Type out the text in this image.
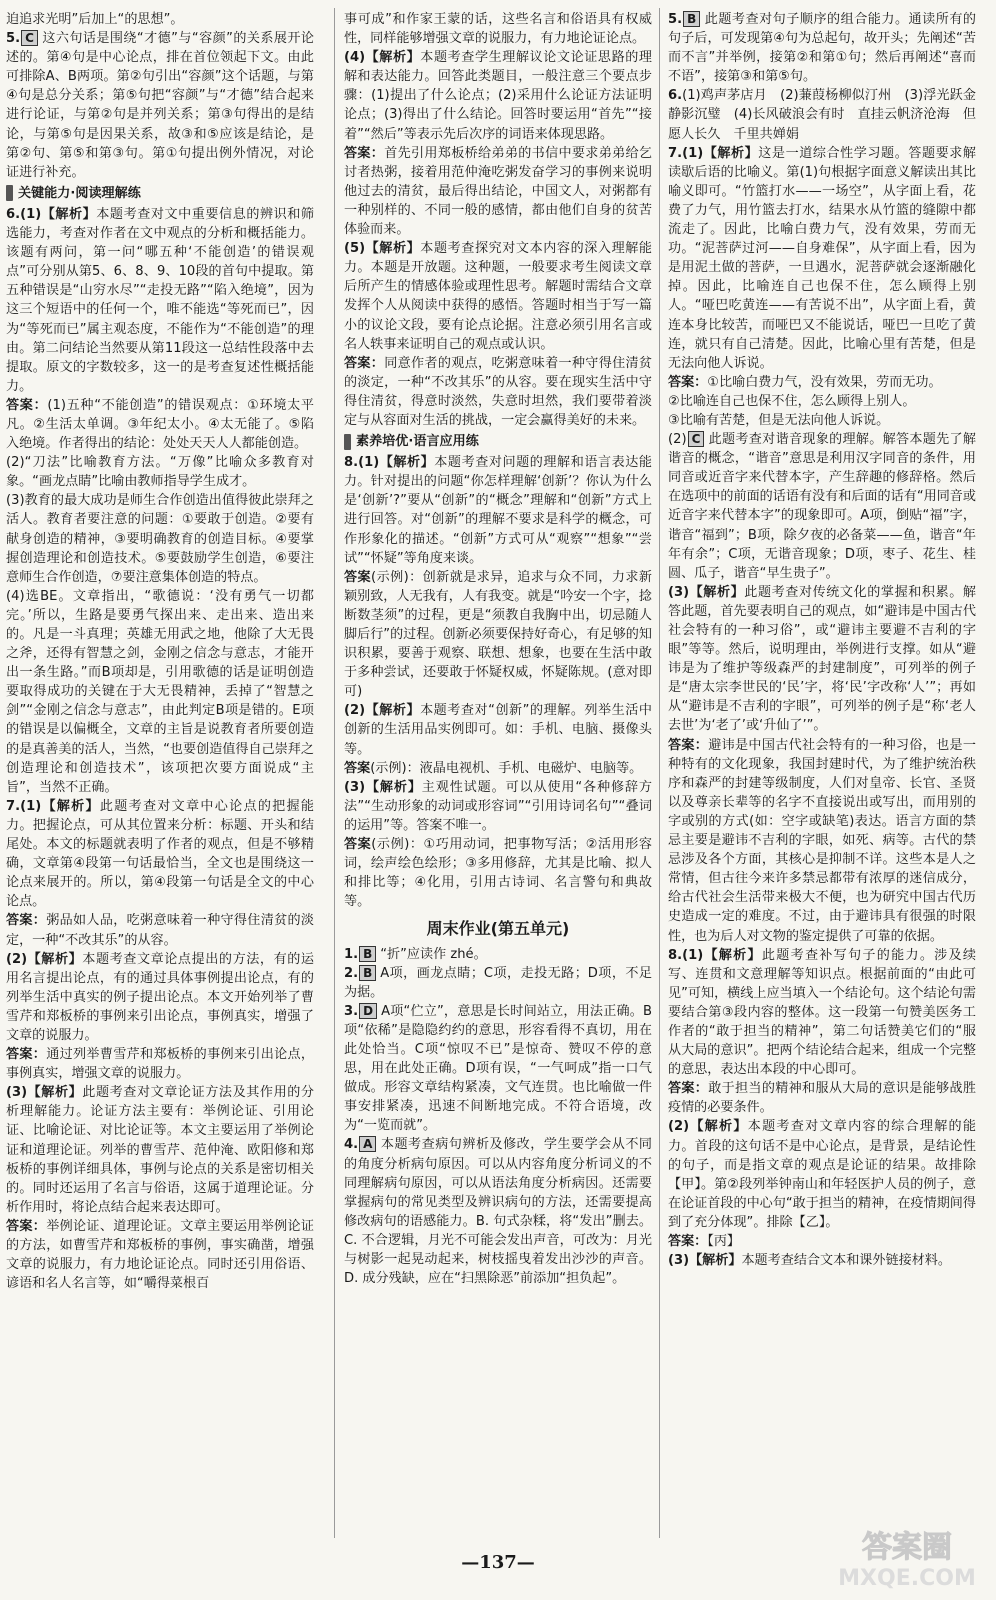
迫追求光明”后加上“的思想”。

5. C 这六句话是围绕“才德”与“容颜”的关系展开论述的。第④句是中心论点，排在首位领起下文。由此可排除A、B两项。第②句引出“容颜”这个话题，与第④句是总分关系；第⑤句把“容颜”与“才德”结合起来进行论证，与第②句是并列关系；第③句得出的是结论，与第⑤句是因果关系，故③和⑤应该是结论，是第②句、第⑤和第③句。第①句提出例外情况，对论证进行补充。

关键能力·阅读理解练

6.(1)【解析】本题考查对文中重要信息的辨识和筛选能力，考查对作者在文中观点的分析和概括能力。该题有两问，第一问“哪五种‘不能创造’的错误观点”可分别从第5、6、8、9、10段的首句中提取。第五种错误是“山穷水尽”“走投无路”“陷入绝境”，因为这三个短语中的任何一个，唯不能选“等死而已”，因为“等死而已”属主观态度，不能作为“不能创造”的理由。第二问结论当然要从第11段这一总结性段落中去提取。原文的字数较多，这一的是考查复述性概括能力。

答案：(1)五种“不能创造”的错误观点：①环境太平凡。②生活太单调。③年纪太小。④太无能了。⑤陷入绝境。作者得出的结论：处处天天人人都能创造。

(2)“刀法”比喻教育方法。“万像”比喻众多教育对象。“画龙点睛”比喻由教师指导学生成才。

(3)教育的最大成功是师生合作创造出值得彼此崇拜之活人。教育者要注意的问题：①要敢于创造。②要有献身创造的精神，③要明确教育的创造目标。④要掌握创造理论和创造技术。⑤要鼓励学生创造，⑥要注意师生合作创造，⑦要注意集体创造的特点。

(4)选BE。文章指出，“歌德说：‘没有勇气一切都完。’所以，生路是要勇气探出来、走出来、造出来的。凡是一斗真理；英雄无用武之地，他除了大无畏之斧，还得有智慧之剑，金刚之信念与意志，才能开出一条生路。”而B项却是，引用歌德的话是证明创造要取得成功的关键在于大无畏精神，丢掉了“智慧之剑”“金刚之信念与意志”，由此判定B项是错的。E项的错误是以偏概全，文章的主旨是说教育者所要创造的是真善美的活人，当然，“也要创造值得自己崇拜之创造理论和创造技术”，该项把次要方面说成“主旨”，当然不正确。

7.(1)【解析】此题考查对文章中心论点的把握能力。把握论点，可从其位置来分析：标题、开头和结尾处。本文的标题就表明了作者的观点，但是不够精确，文章第④段第一句话最恰当，全文也是围绕这一论点来展开的。所以，第④段第一句话是全文的中心论点。

答案：粥品如人品，吃粥意味着一种守得住清贫的淡定，一种“不改其乐”的从容。

(2)【解析】本题考查文章论点提出的方法，有的运用名言提出论点，有的通过具体事例提出论点，有的列举生活中真实的例子提出论点。本文开始列举了曹雪芹和郑板桥的事例来引出论点，事例真实，增强了文章的说服力。

答案：通过列举曹雪芹和郑板桥的事例来引出论点，事例真实，增强文章的说服力。

(3)【解析】此题考查对文章论证方法及其作用的分析理解能力。论证方法主要有：举例论证、引用论证、比喻论证、对比论证等。本文主要运用了举例论证和道理论证。列举的曹雪芹、范仲淹、欧阳修和郑板桥的事例详细具体，事例与论点的关系是密切相关的。同时还运用了名言与俗语，这属于道理论证。分析作用时，将论点结合起来表达即可。

答案：举例论证、道理论证。文章主要运用举例论证的方法，如曹雪芹和郑板桥的事例，事实确凿，增强文章的说服力，有力地论证论点。同时还引用俗语、谚语和名人名言等，如“嚼得菜根百

事可成”和作家王蒙的话，这些名言和俗语具有权威性，同样能够增强文章的说服力，有力地论证论点。

(4)【解析】本题考查学生理解议论文论证思路的理解和表达能力。回答此类题目，一般注意三个要点步骤：(1)提出了什么论点；(2)采用什么论证方法证明论点；(3)得出了什么结论。回答时要运用“首先”“接着”“然后”等表示先后次序的词语来体现思路。

答案：首先引用郑板桥给弟弟的书信中要求弟弟给乞讨者热粥，接着用范仲淹吃粥发奋学习的事例来说明他过去的清贫，最后得出结论，中国文人，对粥都有一种别样的、不同一般的感情，都由他们自身的贫苦体验而来。

(5)【解析】本题考查探究对文本内容的深入理解能力。本题是开放题。这种题，一般要求考生阅读文章后所产生的情感体验或理性思考。解题时需结合文章发挥个人从阅读中获得的感悟。答题时相当于写一篇小的议论文段，要有论点论据。注意必须引用名言或名人轶事来证明自己的观点或认识。

答案：同意作者的观点，吃粥意味着一种守得住清贫的淡定，一种“不改其乐”的从容。要在现实生活中守得住清贫，得意时淡然，失意时坦然，我们要带着淡定与从容面对生活的挑战，一定会赢得美好的未来。

素养培优·语言应用练

8.(1)【解析】本题考查对问题的理解和语言表达能力。针对提出的问题“你怎样理解‘创新’？你认为什么是‘创新’?”要从“创新”的“概念”理解和“创新”方式上进行回答。对“创新”的理解不要求是科学的概念，可作形象化的描述。“创新”方式可从“观察”“想象”“尝试”“怀疑”等角度来谈。

答案(示例)：创新就是求异，追求与众不同，力求新颖别致，人无我有，人有我变。就是“吟安一个字，捻断数茎须”的过程，更是“须教自我胸中出，切忌随人脚后行”的过程。创新必须要保持好奇心，有足够的知识积累，要善于观察、联想、想象，也要在生活中敢于多种尝试，还要敢于怀疑权威，怀疑陈规。(意对即可)

(2)【解析】本题考查对“创新”的理解。列举生活中创新的生活用品实例即可。如：手机、电脑、摄像头等。

答案(示例)：液晶电视机、手机、电磁炉、电脑等。

(3)【解析】主观性试题。可以从使用“各种修辞方法”“生动形象的动词或形容词”“引用诗词名句”“叠词的运用”等。答案不唯一。

答案(示例)：①巧用动词，把事物写活；②活用形容词，绘声绘色绘形；③多用修辞，尤其是比喻、拟人和排比等；④化用，引用古诗词、名言警句和典故等。

周末作业(第五单元)

1. B “折”应读作 zhé。

2. B A项，画龙点睛；C项，走投无路；D项，不足为据。

3. D A项“伫立”，意思是长时间站立，用法正确。B项“依稀”是隐隐约约的意思，形容看得不真切，用在此处恰当。C项“惊叹不已”是惊奇、赞叹不停的意思，用在此处正确。D项有误，“一气呵成”指一口气做成。形容文章结构紧凑，文气连贯。也比喻做一件事安排紧凑，迅速不间断地完成。不符合语境，改为“一览而就”。

4. A 本题考查病句辨析及修改，学生要学会从不同的角度分析病句原因。可以从内容角度分析词义的不同理解病句原因，可以从语法角度分析病因。还需要掌握病句的常见类型及辨识病句的方法，还需要提高修改病句的语感能力。B. 句式杂糅，将“发出”删去。C. 不合逻辑，月光不可能会发出声音，可改为：月光与树影一起晃动起来，树枝摇曳着发出沙沙的声音。D. 成分残缺，应在“扫黑除恶”前添加“担负起”。

5. B 此题考查对句子顺序的组合能力。通读所有的句子后，可发现第④句为总起句，故开头；先阐述“苦而不言”并举例，接第②和第①句；然后再阐述“喜而不语”，接第③和第⑤句。

6.(1)鸡声茅店月　(2)蒹葭杨柳似汀州　(3)浮光跃金　静影沉璧　(4)长风破浪会有时　直挂云帆济沧海　但愿人长久　千里共婵娟

7.(1)【解析】这是一道综合性学习题。答题要求解读歇后语的比喻义。第(1)句根据字面意义解读出其比喻义即可。“竹篮打水——一场空”，从字面上看，花费了力气，用竹篮去打水，结果水从竹篮的缝隙中都流走了。因此，比喻白费力气，没有效果，劳而无功。“泥菩萨过河——自身难保”，从字面上看，因为是用泥土做的菩萨，一旦遇水，泥菩萨就会逐渐融化掉。因此，比喻连自己也保不住，怎么顾得上别人。“哑巴吃黄连——有苦说不出”，从字面上看，黄连本身比较苦，而哑巴又不能说话，哑巴一旦吃了黄连，就只有自己清楚。因此，比喻心里有苦楚，但是无法向他人诉说。

答案：①比喻白费力气，没有效果，劳而无功。

②比喻连自己也保不住，怎么顾得上别人。

③比喻有苦楚，但是无法向他人诉说。

(2) C 此题考查对谐音现象的理解。解答本题先了解谐音的概念，“谐音”意思是利用汉字同音的条件，用同音或近音字来代替本字，产生辞趣的修辞格。然后在选项中的前面的话语有没有和后面的话有“用同音或近音字来代替本字”的现象即可。A项，倒贴“福”字，谐音“福到”；B项，除夕夜的必备菜——鱼，谐音“年年有余”；C项，无谐音现象；D项，枣子、花生、桂圆、瓜子，谐音“早生贵子”。

(3)【解析】此题考查对传统文化的掌握和积累。解答此题，首先要表明自己的观点，如“避讳是中国古代社会特有的一种习俗”，或“避讳主要避不吉利的字眼”等等。然后，说明理由，举例进行支撑。如从“避讳是为了维护等级森严的封建制度”，可列举的例子是“唐太宗李世民的‘民’字，将‘民’字改称‘人’”；再如从“避讳是不吉利的字眼”，可列举的例子是“称‘老人去世’为‘老了’或‘升仙了’”。

答案：避讳是中国古代社会特有的一种习俗，也是一种特有的文化现象，我国封建时代，为了维护统治秩序和森严的封建等级制度，人们对皇帝、长官、圣贤以及尊亲长辈等的名字不直接说出或写出，而用别的字或别的方式(如：空字或缺笔)表达。语言方面的禁忌主要是避讳不吉利的字眼，如死、病等。古代的禁忌涉及各个方面，其核心是抑制不详。这些本是人之常情，但古往今来许多禁忌都带有浓厚的迷信成分，给古代社会生活带来极大不便，也为研究中国古代历史造成一定的难度。不过，由于避讳具有很强的时限性，也为后人对文物的鉴定提供了可靠的依据。

8.(1)【解析】此题考查补写句子的能力。涉及续写、连贯和文意理解等知识点。根据前面的“由此可见”可知，横线上应当填入一个结论句。这个结论句需要结合第③段内容的整体。这一段第一句赞美医务工作者的“敢于担当的精神”，第二句话赞美它们的“服从大局的意识”。把两个结论结合起来，组成一个完整的意思，表达出本段的中心即可。

答案：敢于担当的精神和服从大局的意识是能够战胜疫情的必要条件。

(2)【解析】本题考查对文章内容的综合理解的能力。首段的这句话不是中心论点，是背景，是结论性的句子，而是指文章的观点是论证的结果。故排除【甲】。第②段列举钟南山和年轻医护人员的例子，意在论证首段的中心句“敢于担当的精神，在疫情期间得到了充分体现”。排除【乙】。

答案：【丙】

(3)【解析】本题考查结合文本和课外链接材料。

—137—	答案圈
MXQE.COM
